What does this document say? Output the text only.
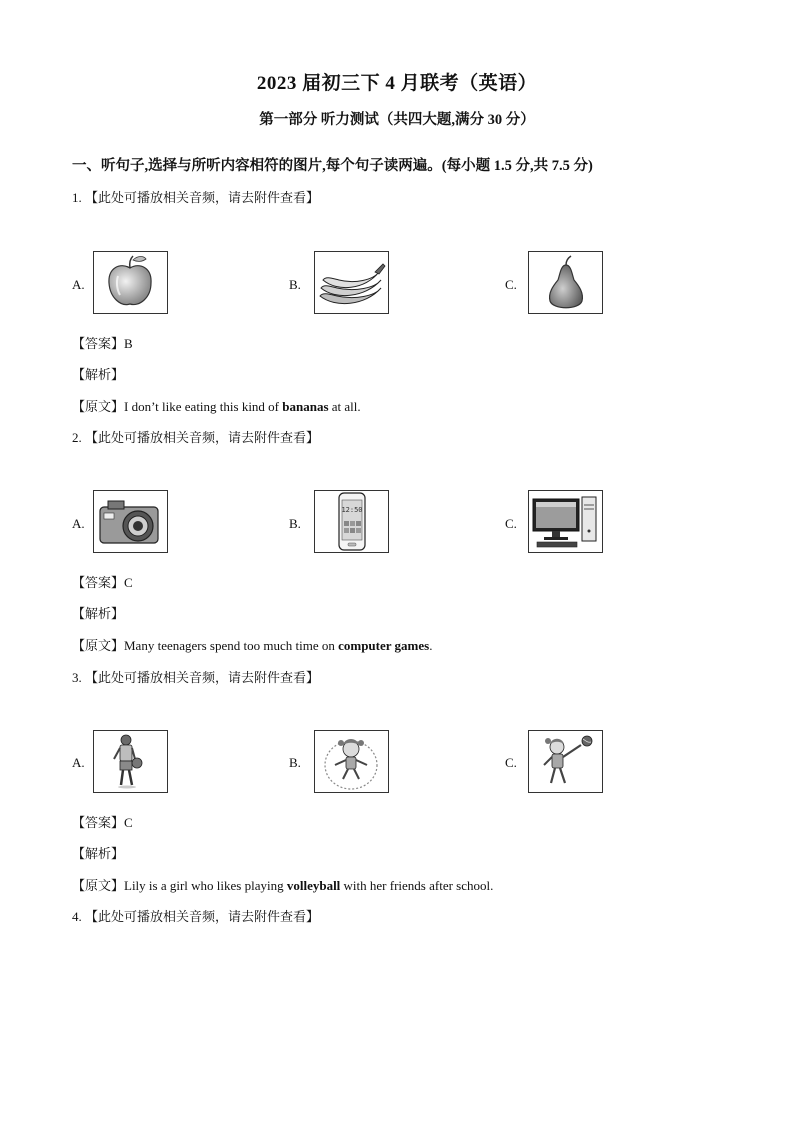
2023 届初三下 4 月联考（英语）
第一部分 听力测试（共四大题,满分 30 分）
一、听句子,选择与所听内容相符的图片,每个句子读两遍。(每小题 1.5 分,共 7.5 分)
1. 【此处可播放相关音频，请去附件查看】
A.	B.	C.
【答案】B
【解析】
【原文】I don’t like eating this kind of bananas at all.
2. 【此处可播放相关音频，请去附件查看】
A.	B.
12:50
C.
【答案】C
【解析】
【原文】Many teenagers spend too much time on computer games.
3. 【此处可播放相关音频，请去附件查看】
A.	B.	C.
【答案】C
【解析】
【原文】Lily is a girl who likes playing volleyball with her friends after school.
4. 【此处可播放相关音频，请去附件查看】
